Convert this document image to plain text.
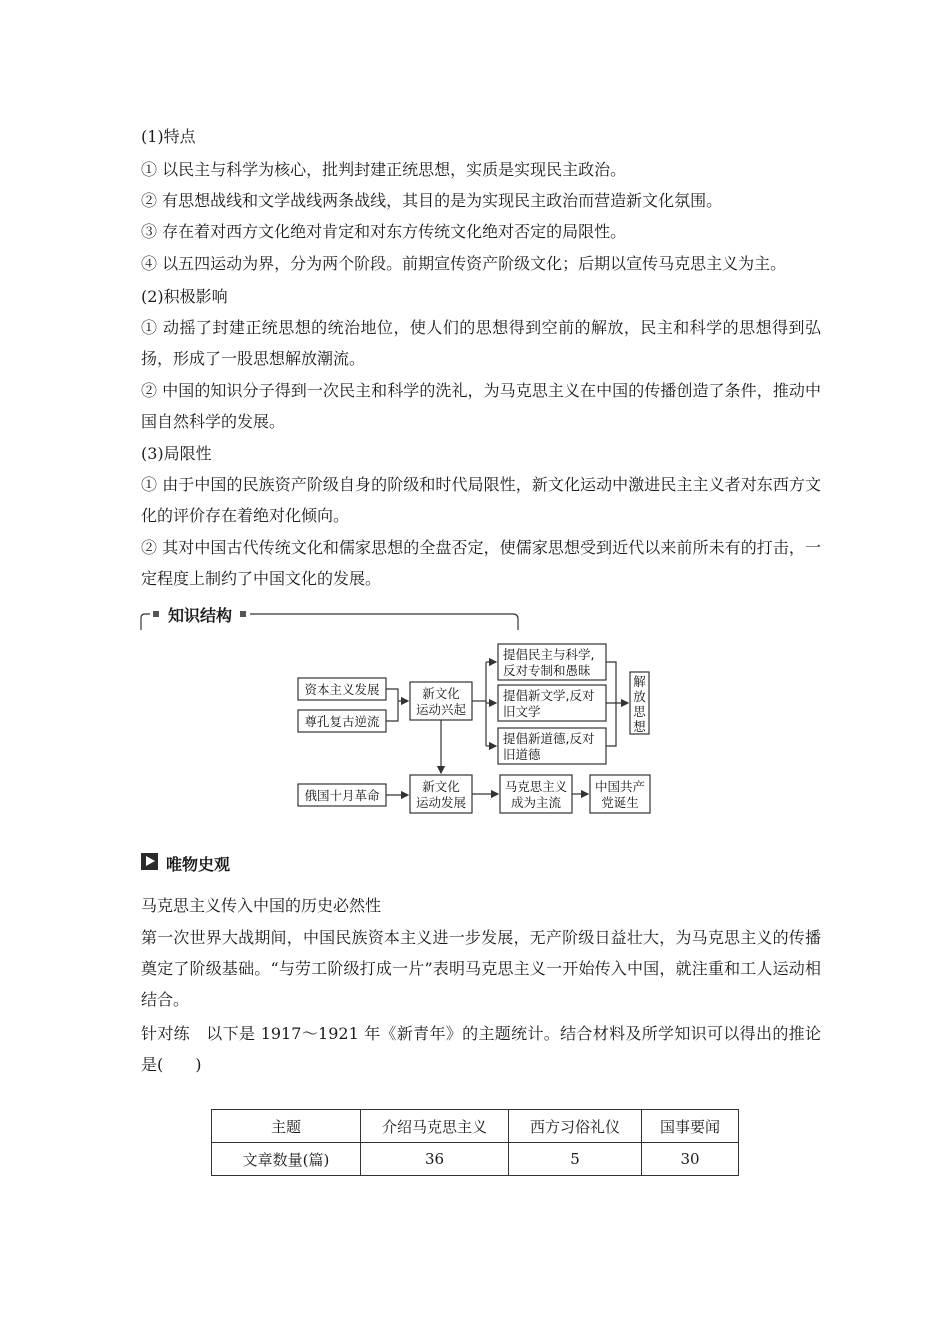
(1)特点
① 以民主与科学为核心，批判封建正统思想，实质是实现民主政治。
② 有思想战线和文学战线两条战线，其目的是为实现民主政治而营造新文化氛围。
③ 存在着对西方文化绝对肯定和对东方传统文化绝对否定的局限性。
④ 以五四运动为界，分为两个阶段。前期宣传资产阶级文化；后期以宣传马克思主义为主。
(2)积极影响
① 动摇了封建正统思想的统治地位，使人们的思想得到空前的解放，民主和科学的思想得到弘扬，形成了一股思想解放潮流。
② 中国的知识分子得到一次民主和科学的洗礼，为马克思主义在中国的传播创造了条件，推动中国自然科学的发展。
(3)局限性
① 由于中国的民族资产阶级自身的阶级和时代局限性，新文化运动中激进民主主义者对东西方文化的评价存在着绝对化倾向。
② 其对中国古代传统文化和儒家思想的全盘否定，使儒家思想受到近代以来前所未有的打击，一定程度上制约了中国文化的发展。
知识结构
资本主义发展
尊孔复古逆流
新文化
运动兴起
提倡民主与科学,
反对专制和愚昧
提倡新文学,反对
旧文学
提倡新道德,反对
旧道德
解
放
思
想
俄国十月革命
新文化
运动发展
马克思主义
成为主流
中国共产
党诞生
唯物史观
马克思主义传入中国的历史必然性
第一次世界大战期间，中国民族资本主义进一步发展，无产阶级日益壮大，为马克思主义的传播奠定了阶级基础。“与劳工阶级打成一片”表明马克思主义一开始传入中国，就注重和工人运动相结合。
针对练　以下是 1917～1921 年《新青年》的主题统计。结合材料及所学知识可以得出的推论是(　　)
主题	介绍马克思主义	西方习俗礼仪	国事要闻
文章数量(篇)	36	5	30
